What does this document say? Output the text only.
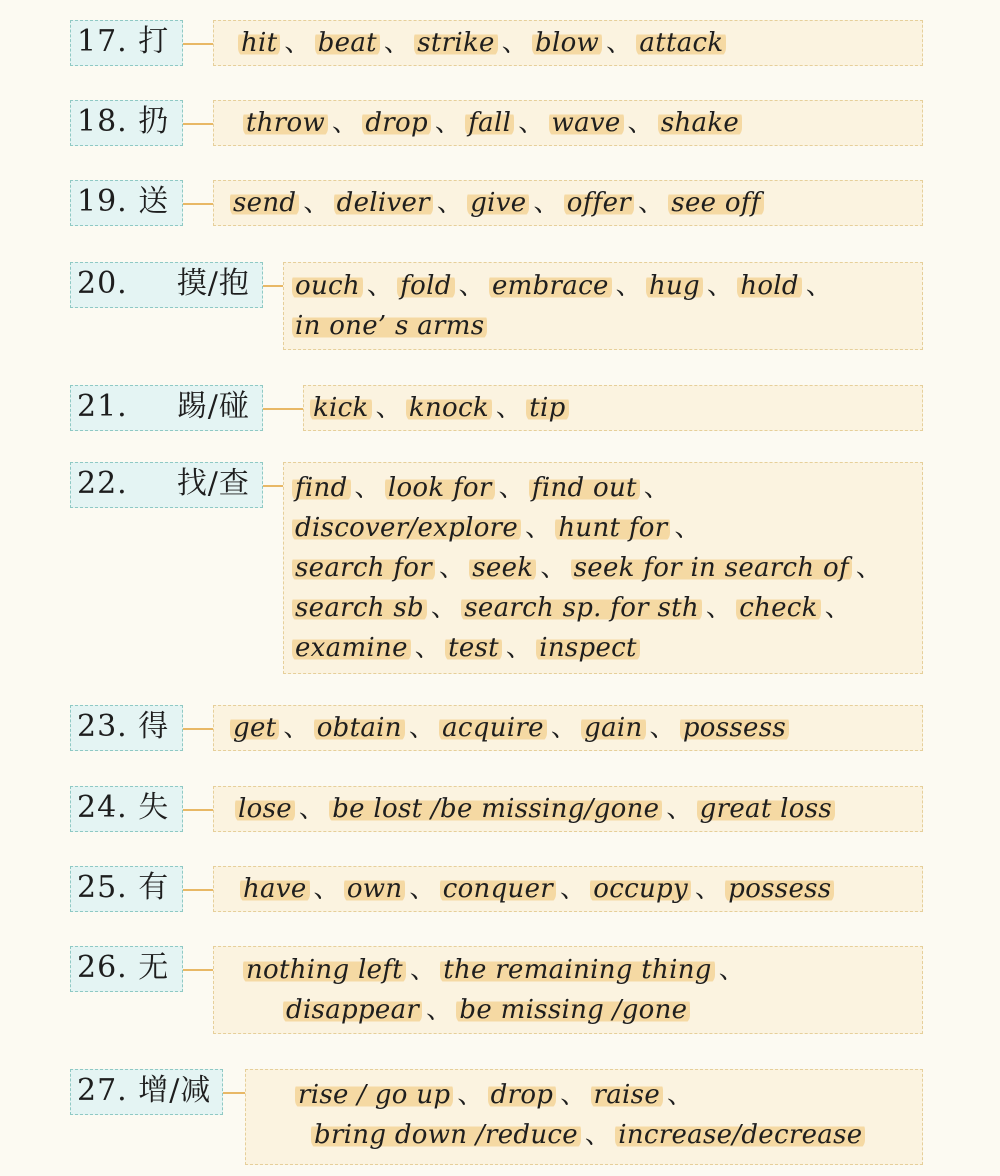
17. 打	hit 、 beat 、 strike 、 blow 、 attack
18. 扔	throw 、 drop 、 fall 、 wave 、 shake
19. 送	send 、 deliver 、 give 、 offer 、 see off
20. 摸/抱	ouch 、 fold 、 embrace 、 hug 、 hold 、
in one’ s arms
21. 踢/碰	kick 、 knock 、 tip
22. 找/查	find 、 look for 、 find out 、
discover/explore 、 hunt for 、
search for 、 seek 、 seek for in search of 、
search sb 、 search sp. for sth 、 check 、
examine 、 test 、 inspect
23. 得	get 、 obtain 、 acquire 、 gain 、 possess
24. 失	lose 、 be lost /be missing/gone 、 great loss
25. 有	have 、 own 、 conquer 、 occupy 、 possess
26. 无	nothing left 、 the remaining thing 、
disappear 、 be missing /gone
27. 增/减	rise / go up 、 drop 、 raise 、
bring down /reduce 、 increase/decrease
